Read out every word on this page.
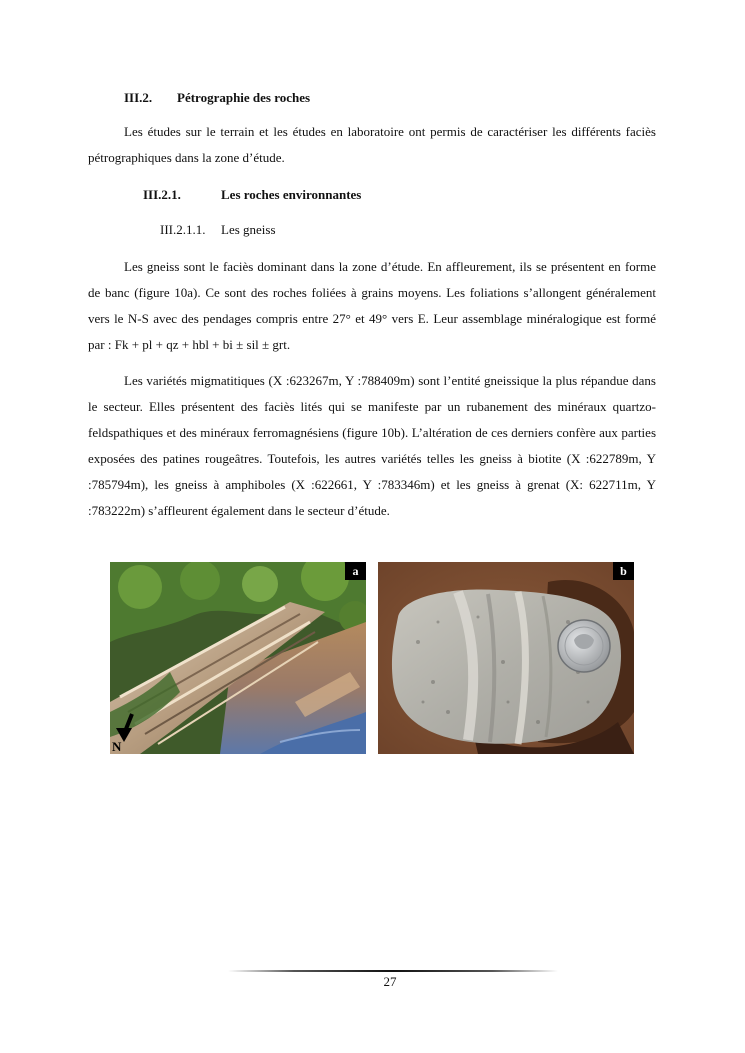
III.2. Pétrographie des roches

Les études sur le terrain et les études en laboratoire ont permis de caractériser les différents faciès pétrographiques dans la zone d’étude.

III.2.1.	Les roches environnantes
III.2.1.1. Les gneiss

Les gneiss sont le faciès dominant dans la zone d’étude. En affleurement, ils se présentent en forme de banc (figure 10a). Ce sont des roches foliées à grains moyens. Les foliations s’allongent généralement vers le N-S avec des pendages compris entre 27° et 49° vers E. Leur assemblage minéralogique est formé par : Fk + pl + qz + hbl + bi ± sil ± grt.

Les variétés migmatitiques (X :623267m, Y :788409m) sont l’entité gneissique la plus répandue dans le secteur. Elles présentent des faciès lités qui se manifeste par un rubanement des minéraux quartzo-feldspathiques et des minéraux ferromagnésiens (figure 10b). L’altération de ces derniers confère aux parties exposées des patines rougeâtres. Toutefois, les autres variétés telles les gneiss à biotite (X :622789m, Y :785794m), les gneiss à amphiboles (X :622661, Y :783346m) et les gneiss à grenat (X: 622711m, Y :783222m) s’affleurent également dans le secteur d’étude.

N
a	b
27
